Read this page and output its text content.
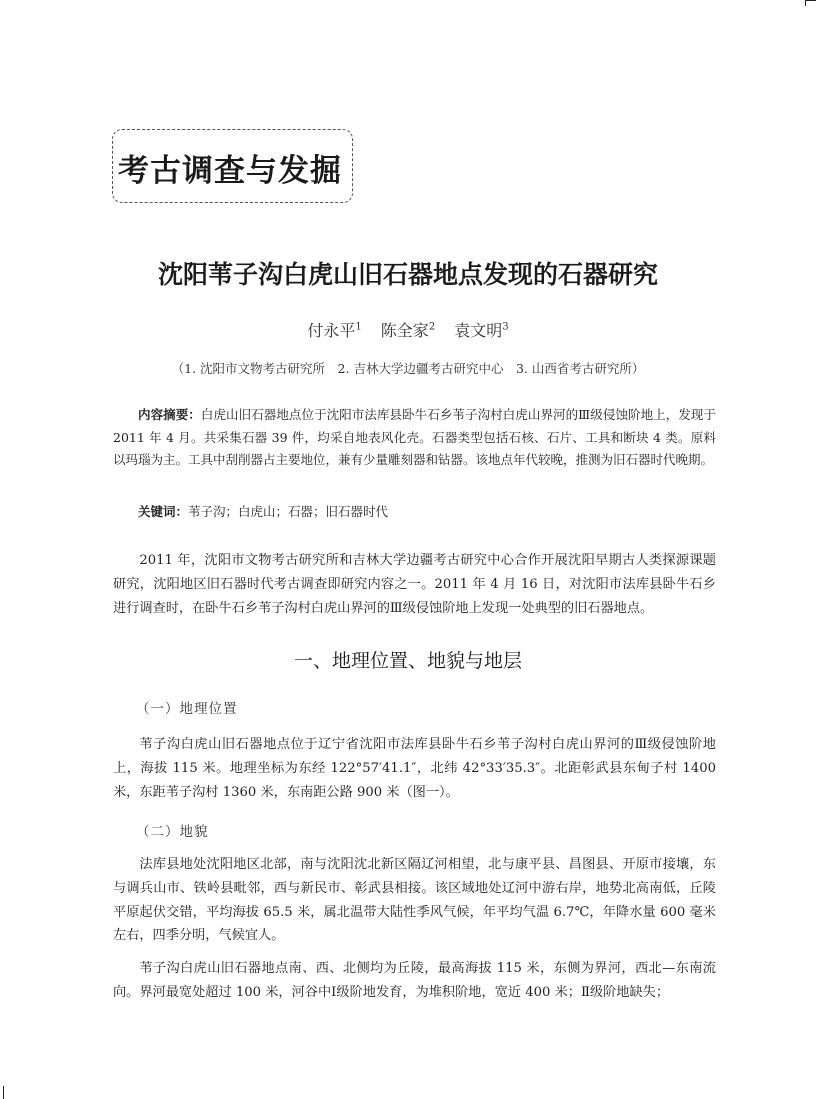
考古调查与发掘
沈阳苇子沟白虎山旧石器地点发现的石器研究
付永平$^1$ 陈全家$^2$ 袁文明$^3$
（1. 沈阳市文物考古研究所　2. 吉林大学边疆考古研究中心　3. 山西省考古研究所）

内容摘要：白虎山旧石器地点位于沈阳市法库县卧牛石乡苇子沟村白虎山界河的Ⅲ级侵蚀阶地上，发现于 2011 年 4 月。共采集石器 39 件，均采自地表风化壳。石器类型包括石核、石片、工具和断块 4 类。原料以玛瑙为主。工具中刮削器占主要地位，兼有少量雕刻器和钻器。该地点年代较晚，推测为旧石器时代晚期。

关键词：苇子沟；白虎山；石器；旧石器时代

2011 年，沈阳市文物考古研究所和吉林大学边疆考古研究中心合作开展沈阳早期古人类探源课题研究，沈阳地区旧石器时代考古调查即研究内容之一。2011 年 4 月 16 日，对沈阳市法库县卧牛石乡进行调查时，在卧牛石乡苇子沟村白虎山界河的Ⅲ级侵蚀阶地上发现一处典型的旧石器地点。

一、地理位置、地貌与地层
（一）地理位置

苇子沟白虎山旧石器地点位于辽宁省沈阳市法库县卧牛石乡苇子沟村白虎山界河的Ⅲ级侵蚀阶地上，海拔 115 米。地理坐标为东经 122°57′41.1″，北纬 42°33′35.3″。北距彰武县东甸子村 1400 米，东距苇子沟村 1360 米，东南距公路 900 米（图一）。

（二）地貌

法库县地处沈阳地区北部，南与沈阳沈北新区隔辽河相望，北与康平县、昌图县、开原市接壤，东与调兵山市、铁岭县毗邻，西与新民市、彰武县相接。该区域地处辽河中游右岸，地势北高南低，丘陵平原起伏交错，平均海拔 65.5 米，属北温带大陆性季风气候，年平均气温 6.7℃，年降水量 600 毫米左右，四季分明，气候宜人。

苇子沟白虎山旧石器地点南、西、北侧均为丘陵，最高海拔 115 米，东侧为界河，西北—东南流向。界河最宽处超过 100 米，河谷中Ⅰ级阶地发育，为堆积阶地，宽近 400 米；Ⅱ级阶地缺失；
